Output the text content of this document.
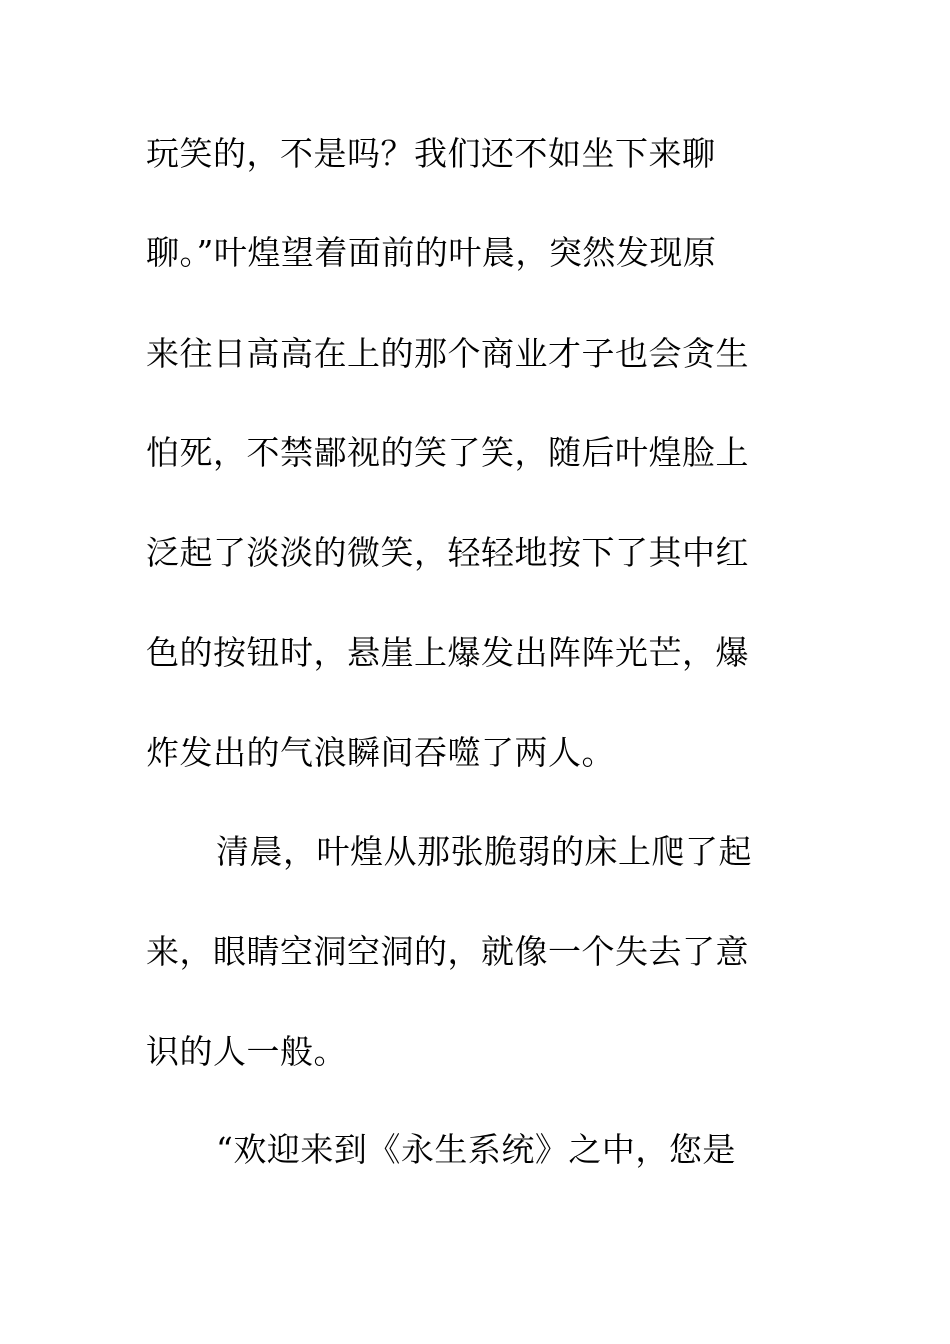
玩笑的，不是吗？我们还不如坐下来聊
聊。”叶煌望着面前的叶晨，突然发现原
来往日高高在上的那个商业才子也会贪生
怕死，不禁鄙视的笑了笑，随后叶煌脸上
泛起了淡淡的微笑，轻轻地按下了其中红
色的按钮时，悬崖上爆发出阵阵光芒，爆
炸发出的气浪瞬间吞噬了两人。
清晨，叶煌从那张脆弱的床上爬了起
来，眼睛空洞空洞的，就像一个失去了意
识的人一般。
“欢迎来到《永生系统》之中，您是
